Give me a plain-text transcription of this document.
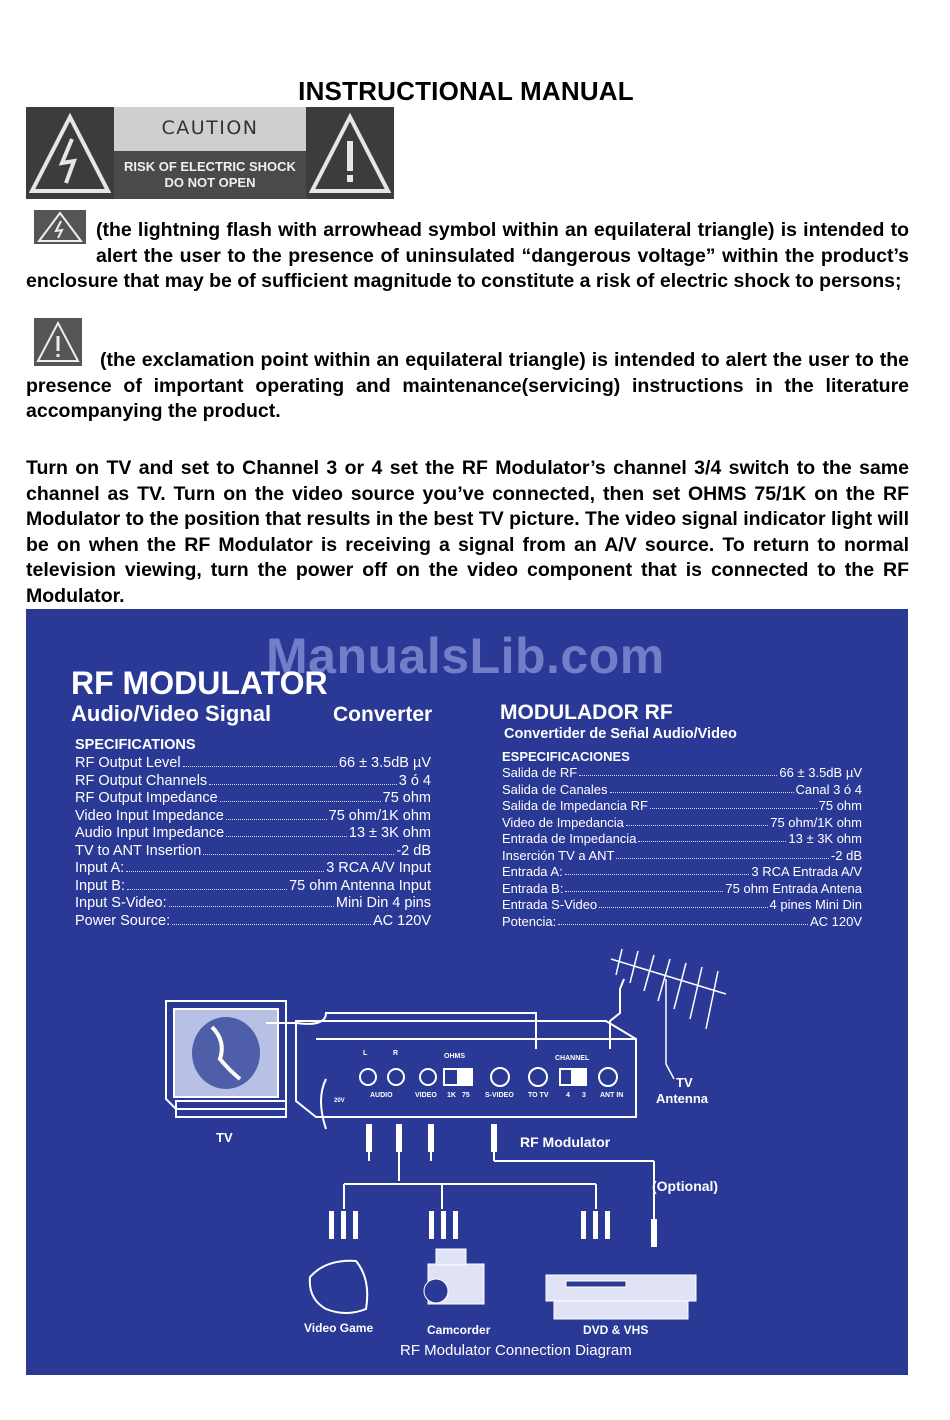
INSTRUCTIONAL MANUAL
CAUTION
RISK OF ELECTRIC SHOCK
DO NOT OPEN
(the lightning flash with arrowhead symbol within an equilateral triangle) is intended to alert the user to the presence of uninsulated “dangerous voltage” within the product’s enclosure that may be of sufficient magnitude to constitute a risk of electric shock to persons;
(the exclamation point within an equilateral triangle) is intended to alert the user to the presence of important operating and maintenance(servicing) instructions in the literature accompanying the product.
Turn on TV and set to Channel 3 or 4 set the RF Modulator’s channel 3/4 switch to the same channel as TV. Turn on the video source you’ve connected, then set OHMS 75/1K on the RF Modulator to the position that results in the best TV picture. The video signal indicator light will be on when the RF Modulator is receiving a signal from an A/V source. To return to normal television viewing, turn the power off on the video component that is connected to the RF Modulator.
ManualsLib.com
RF MODULATOR
Audio/Video Signal	Converter
SPECIFICATIONS
RF Output Level	66 ± 3.5dB µV
RF Output Channels	3 ó 4
RF Output Impedance	75 ohm
Video Input Impedance	75 ohm/1K ohm
Audio Input Impedance	13 ± 3K ohm
TV to ANT Insertion	-2 dB
Input A:	3 RCA A/V Input
Input B:	75 ohm Antenna Input
Input S-Video:	Mini Din 4 pins
Power Source:	AC 120V
MODULADOR RF
Convertider de Señal Audio/Video
ESPECIFICACIONES
Salida de RF	66 ± 3.5dB µV
Salida de Canales	Canal 3 ó 4
Salida de Impedancia RF	75 ohm
Video de Impedancia	75 ohm/1K ohm
Entrada de Impedancia	13 ± 3K ohm
Inserción TV a ANT	-2 dB
Entrada A:	3 RCA Entrada A/V
Entrada B:	75 ohm Entrada Antena
Entrada S-Video	4 pines Mini Din
Potencia:	AC 120V
L	R	OHMS	CHANNEL
AUDIO	VIDEO 1K 75 S-VIDEO TO TV	4 3 ANT IN
20V
TV
TV
Antenna
RF Modulator
(Optional)
Video Game	Camcorder	DVD & VHS
RF Modulator Connection Diagram
